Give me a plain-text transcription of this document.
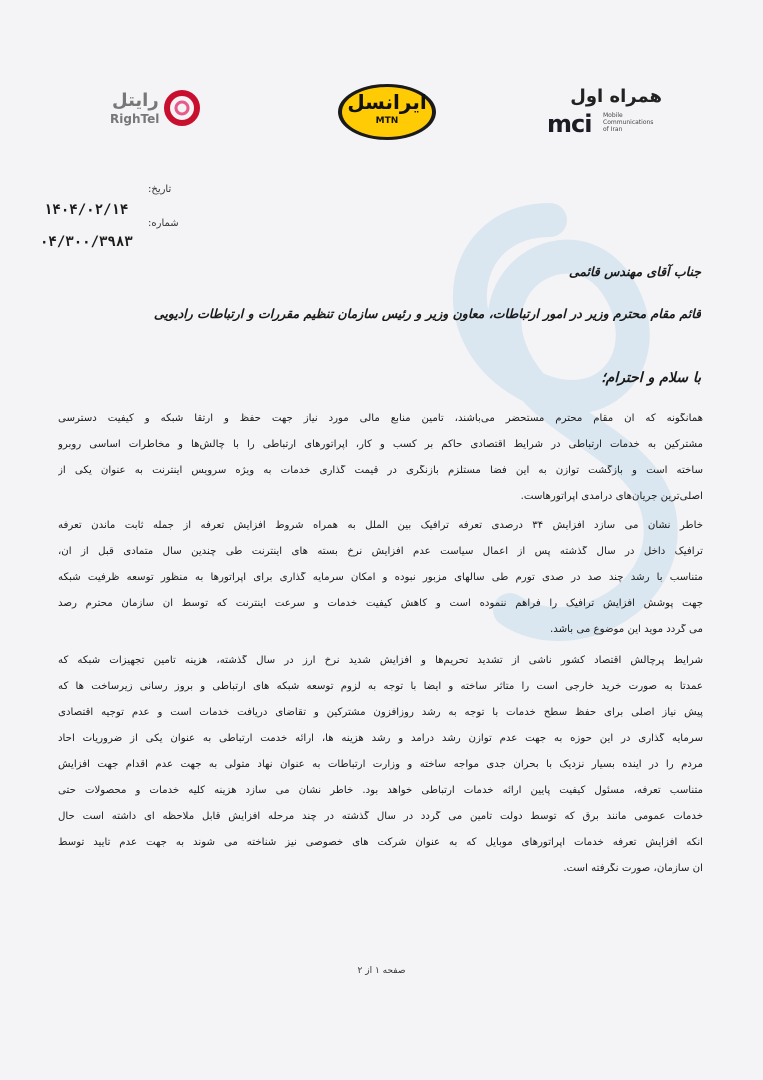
رایتل
RighTel
ایرانسل
MTN
همراه اول
mci Mobile
Communications
of Iran
تاریخ:
۱۴۰۴/۰۲/۱۴
شماره:
۰۴/۳۰۰/۳۹۸۳
جناب آقای مهندس قائمی
قائم مقام محترم وزیر در امور ارتباطات، معاون وزیر و رئیس سازمان تنظیم مقررات و ارتباطات رادیویی
با سلام و احترام؛
همانگونه که آن مقام محترم مستحضر می‌باشند، تامین منابع مالی مورد نیاز جهت حفظ و ارتقا شبکه و کیفیت دسترسی
مشترکین به خدمات ارتباطی در شرایط اقتصادی حاکم بر کسب و کار، اپراتورهای ارتباطی را با چالش‌ها و مخاطرات اساسی روبرو
ساخته است و بازگشت توازن به این فضا مستلزم بازنگری در قیمت گذاری خدمات به ویژه سرویس اینترنت به عنوان یکی از
اصلی‌ترین جریان‌های درآمدی اپراتورهاست.
خاطر نشان می سازد افزایش ۳۴ درصدی تعرفه ترافیک بین الملل به همراه شروط افزایش تعرفه از جمله ثابت ماندن تعرفه
ترافیک داخل در سال گذشته پس از اعمال سیاست عدم افزایش نرخ بسته های اینترنت طی چندین سال متمادی قبل از آن،
متناسب با رشد چند صد در صدی تورم طی سالهای مزبور نبوده و امکان سرمایه گذاری برای اپراتورها به منظور توسعه ظرفیت شبکه
جهت پوشش افزایش ترافیک را فراهم ننموده است و کاهش کیفیت خدمات و سرعت اینترنت که توسط آن سازمان محترم رصد
می گردد موید این موضوع می باشد.
شرایط پرچالش اقتصاد کشور ناشی از تشدید تحریم‌ها و افزایش شدید نرخ ارز در سال گذشته، هزینه تامین تجهیزات شبکه که
عمدتاً به صورت خرید خارجی است را متاثر ساخته و ایضاً با توجه به لزوم توسعه شبکه های ارتباطی و بروز رسانی زیرساخت ها که
پیش نیاز اصلی برای حفظ سطح خدمات با توجه به رشد روزافزون مشترکین و تقاضای دریافت خدمات است و عدم توجیه اقتصادی
سرمایه گذاری در این حوزه به جهت عدم توازن رشد درآمد و رشد هزینه ها، ارائه خدمت ارتباطی به عنوان یکی از ضروریات آحاد
مردم را در آینده بسیار نزدیک با بحران جدی مواجه ساخته و وزارت ارتباطات به عنوان نهاد متولی به جهت عدم اقدام جهت افزایش
متناسب تعرفه، مسئول کیفیت پایین ارائه خدمات ارتباطی خواهد بود. خاطر نشان می سازد هزینه کلیه خدمات و محصولات حتی
خدمات عمومی مانند برق که توسط دولت تامین می گردد در سال گذشته در چند مرحله افزایش قابل ملاحظه ای داشته است حال
آنکه افزایش تعرفه خدمات اپراتورهای موبایل که به عنوان شرکت های خصوصی نیز شناخته می شوند به جهت عدم تایید توسط
آن سازمان، صورت نگرفته است.
صفحه ۱ از ۲
